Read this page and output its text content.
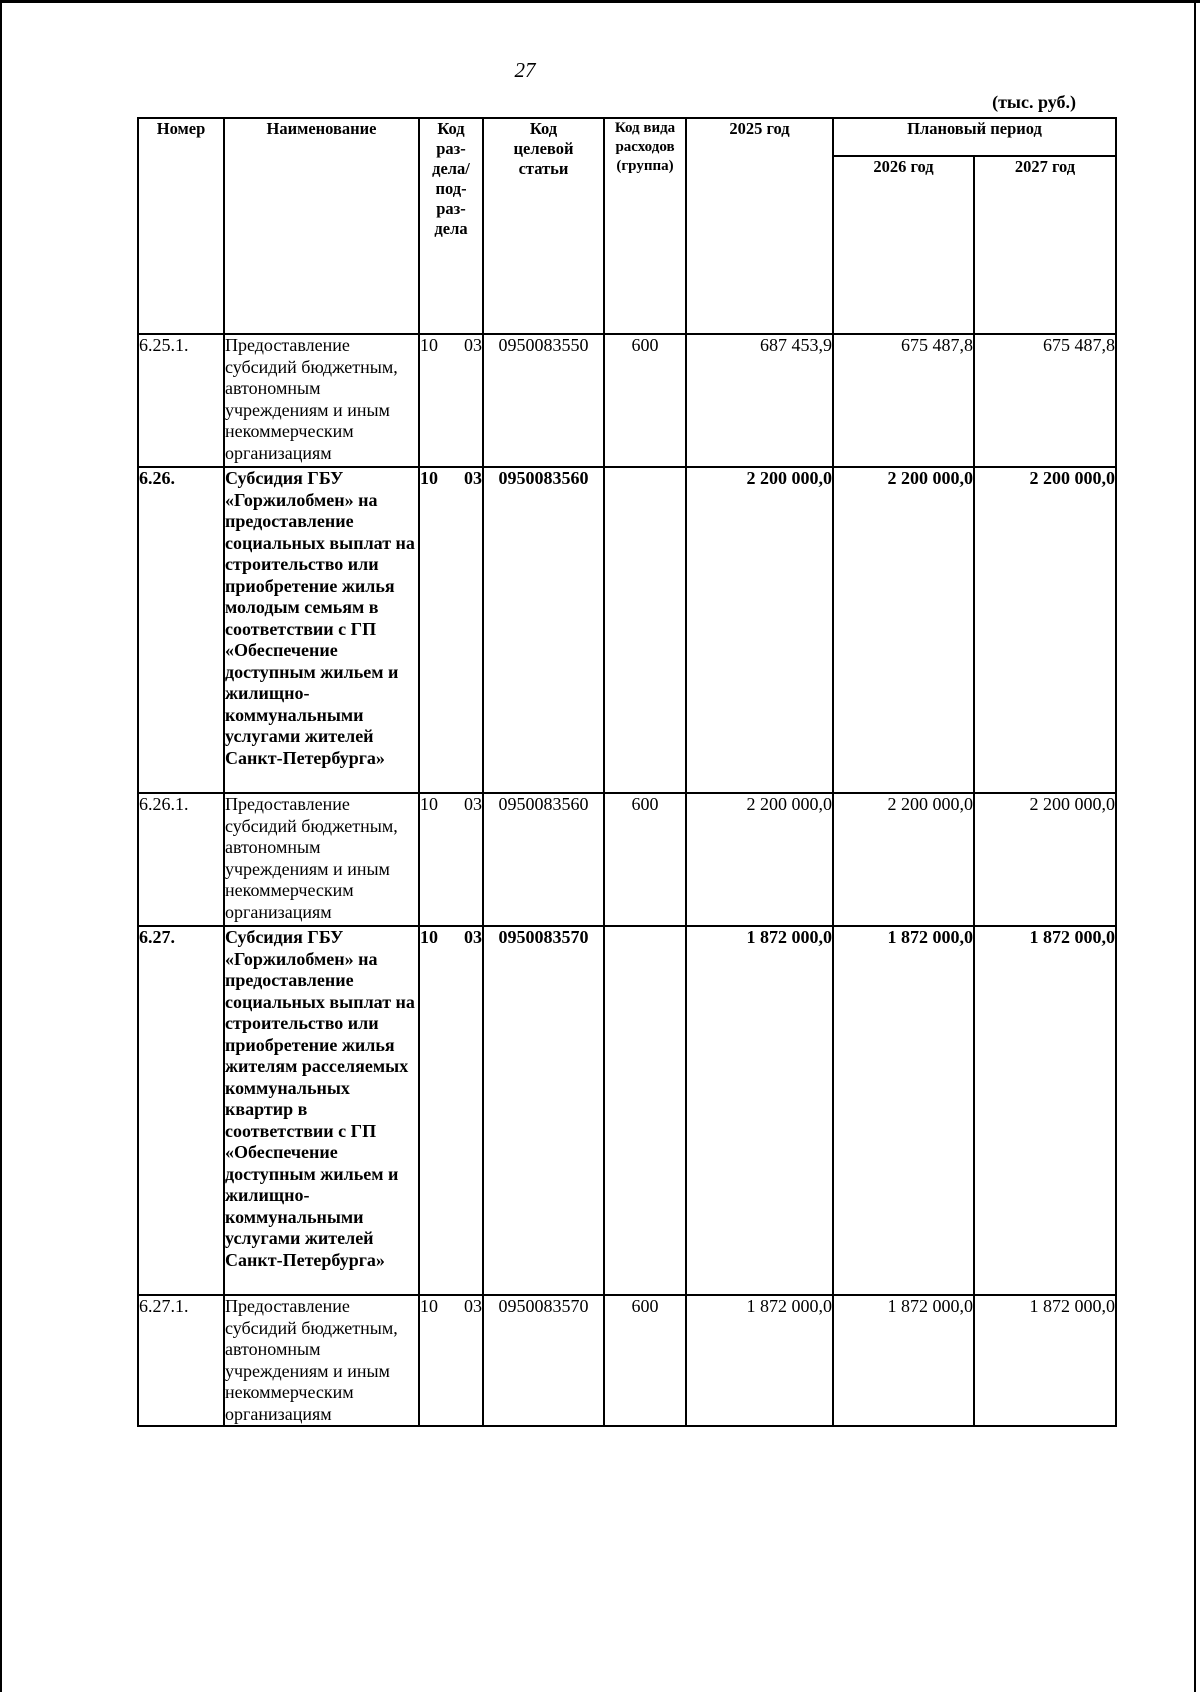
27
(тыс. руб.)
Номер	Наименование	Код раз-дела/ под-раз-дела	Код целевой статьи	Код вида расходов (группа)	2025 год	Плановый период	
						2026 год	2027 год
6.25.1.	Предоставление субсидий бюджетным, автономным учреждениям и иным некоммерческим организациям	10 03	0950083550	600	687 453,9	675 487,8	675 487,8
6.26.	Субсидия ГБУ «Горжилобмен» на предоставление социальных выплат на строительство или приобретение жилья молодым семьям в соответствии с ГП «Обеспечение доступным жильем и жилищно-коммунальными услугами жителей Санкт-Петербурга»	10 03	0950083560		2 200 000,0	2 200 000,0	2 200 000,0
6.26.1.	Предоставление субсидий бюджетным, автономным учреждениям и иным некоммерческим организациям	10 03	0950083560	600	2 200 000,0	2 200 000,0	2 200 000,0
6.27.	Субсидия ГБУ «Горжилобмен» на предоставление социальных выплат на строительство или приобретение жилья жителям расселяемых коммунальных квартир в соответствии с ГП «Обеспечение доступным жильем и жилищно-коммунальными услугами жителей Санкт-Петербурга»	10 03	0950083570		1 872 000,0	1 872 000,0	1 872 000,0
6.27.1.	Предоставление субсидий бюджетным, автономным учреждениям и иным некоммерческим организациям	10 03	0950083570	600	1 872 000,0	1 872 000,0	1 872 000,0
